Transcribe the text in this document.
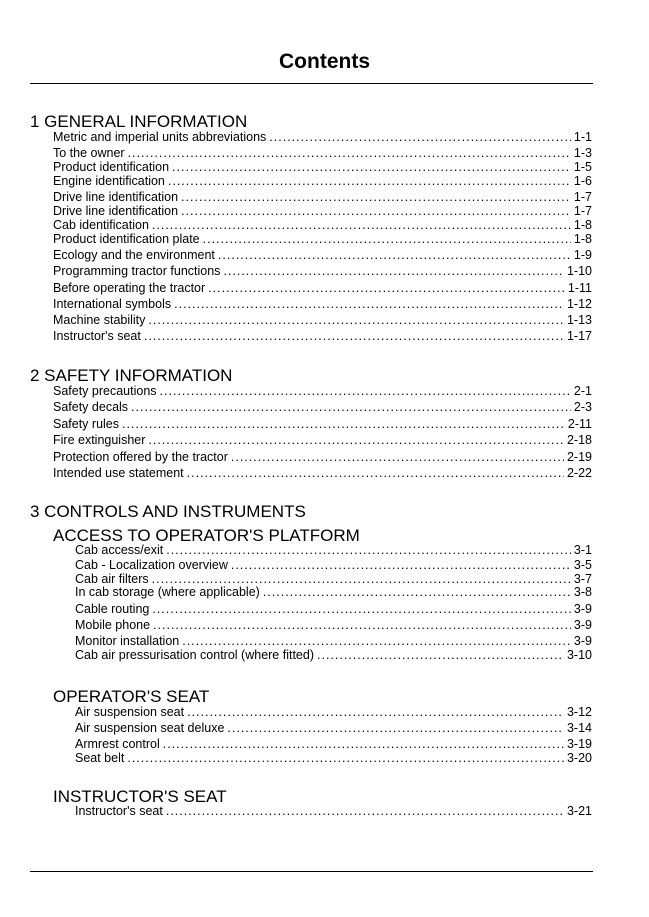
Contents
1 GENERAL INFORMATION
Metric and imperial units abbreviations .....	1-1
To the owner .....	1-3
Product identification .....	1-5
Engine identification .....	1-6
Drive line identification .....	1-7
Drive line identification .....	1-7
Cab identification .....	1-8
Product identification plate .....	1-8
Ecology and the environment .....	1-9
Programming tractor functions .....	1-10
Before operating the tractor .....	1-11
International symbols .....	1-12
Machine stability .....	1-13
Instructor's seat .....	1-17
2 SAFETY INFORMATION
Safety precautions .....	2-1
Safety decals .....	2-3
Safety rules .....	2-11
Fire extinguisher .....	2-18
Protection offered by the tractor .....	2-19
Intended use statement .....	2-22
3 CONTROLS AND INSTRUMENTS
ACCESS TO OPERATOR'S PLATFORM
Cab access/exit .....	3-1
Cab - Localization overview .....	3-5
Cab air filters .....	3-7
In cab storage (where applicable) .....	3-8
Cable routing .....	3-9
Mobile phone .....	3-9
Monitor installation .....	3-9
Cab air pressurisation control (where fitted) .....	3-10
OPERATOR'S SEAT
Air suspension seat .....	3-12
Air suspension seat deluxe .....	3-14
Armrest control .....	3-19
Seat belt .....	3-20
INSTRUCTOR'S SEAT
Instructor's seat .....	3-21
